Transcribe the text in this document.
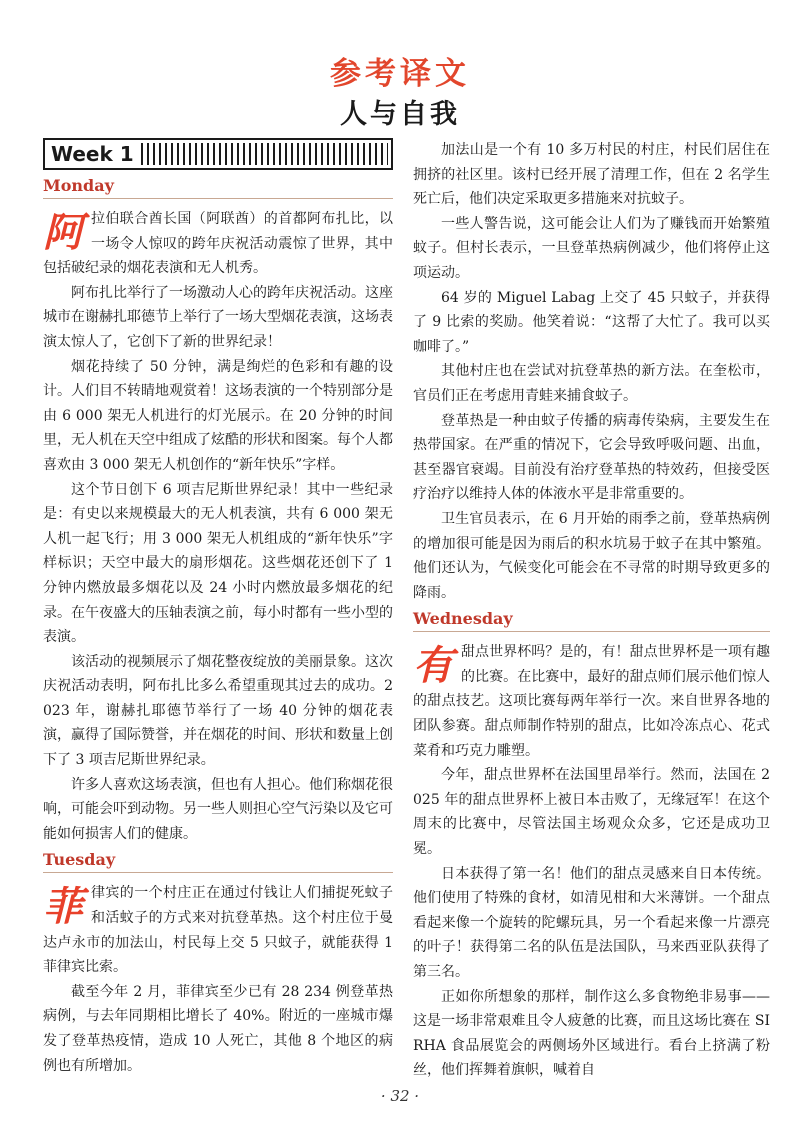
参考译文
人与自我
Week 1
Monday

阿拉伯联合酋长国（阿联酋）的首都阿布扎比，以一场令人惊叹的跨年庆祝活动震惊了世界，其中包括破纪录的烟花表演和无人机秀。

阿布扎比举行了一场激动人心的跨年庆祝活动。这座城市在谢赫扎耶德节上举行了一场大型烟花表演，这场表演太惊人了，它创下了新的世界纪录！

烟花持续了 50 分钟，满是绚烂的色彩和有趣的设计。人们目不转睛地观赏着！这场表演的一个特别部分是由 6 000 架无人机进行的灯光展示。在 20 分钟的时间里，无人机在天空中组成了炫酷的形状和图案。每个人都喜欢由 3 000 架无人机创作的“新年快乐”字样。

这个节日创下 6 项吉尼斯世界纪录！其中一些纪录是：有史以来规模最大的无人机表演，共有 6 000 架无人机一起飞行；用 3 000 架无人机组成的“新年快乐”字样标识；天空中最大的扇形烟花。这些烟花还创下了 1 分钟内燃放最多烟花以及 24 小时内燃放最多烟花的纪录。在午夜盛大的压轴表演之前，每小时都有一些小型的表演。

该活动的视频展示了烟花整夜绽放的美丽景象。这次庆祝活动表明，阿布扎比多么希望重现其过去的成功。2023 年，谢赫扎耶德节举行了一场 40 分钟的烟花表演，赢得了国际赞誉，并在烟花的时间、形状和数量上创下了 3 项吉尼斯世界纪录。

许多人喜欢这场表演，但也有人担心。他们称烟花很响，可能会吓到动物。另一些人则担心空气污染以及它可能如何损害人们的健康。

Tuesday

菲律宾的一个村庄正在通过付钱让人们捕捉死蚊子和活蚊子的方式来对抗登革热。这个村庄位于曼达卢永市的加法山，村民每上交 5 只蚊子，就能获得 1 菲律宾比索。

截至今年 2 月，菲律宾至少已有 28 234 例登革热病例，与去年同期相比增长了 40%。附近的一座城市爆发了登革热疫情，造成 10 人死亡，其他 8 个地区的病例也有所增加。

加法山是一个有 10 多万村民的村庄，村民们居住在拥挤的社区里。该村已经开展了清理工作，但在 2 名学生死亡后，他们决定采取更多措施来对抗蚊子。

一些人警告说，这可能会让人们为了赚钱而开始繁殖蚊子。但村长表示，一旦登革热病例减少，他们将停止这项运动。

64 岁的 Miguel Labag 上交了 45 只蚊子，并获得了 9 比索的奖励。他笑着说：“这帮了大忙了。我可以买咖啡了。”

其他村庄也在尝试对抗登革热的新方法。在奎松市，官员们正在考虑用青蛙来捕食蚊子。

登革热是一种由蚊子传播的病毒传染病，主要发生在热带国家。在严重的情况下，它会导致呼吸问题、出血，甚至器官衰竭。目前没有治疗登革热的特效药，但接受医疗治疗以维持人体的体液水平是非常重要的。

卫生官员表示，在 6 月开始的雨季之前，登革热病例的增加很可能是因为雨后的积水坑易于蚊子在其中繁殖。他们还认为，气候变化可能会在不寻常的时期导致更多的降雨。

Wednesday

有甜点世界杯吗？是的，有！甜点世界杯是一项有趣的比赛。在比赛中，最好的甜点师们展示他们惊人的甜点技艺。这项比赛每两年举行一次。来自世界各地的团队参赛。甜点师制作特别的甜点，比如冷冻点心、花式菜肴和巧克力雕塑。

今年，甜点世界杯在法国里昂举行。然而，法国在 2025 年的甜点世界杯上被日本击败了，无缘冠军！在这个周末的比赛中，尽管法国主场观众众多，它还是成功卫冕。

日本获得了第一名！他们的甜点灵感来自日本传统。他们使用了特殊的食材，如清见柑和大米薄饼。一个甜点看起来像一个旋转的陀螺玩具，另一个看起来像一片漂亮的叶子！获得第二名的队伍是法国队，马来西亚队获得了第三名。

正如你所想象的那样，制作这么多食物绝非易事——这是一场非常艰难且令人疲惫的比赛，而且这场比赛在 SIRHA 食品展览会的两侧场外区域进行。看台上挤满了粉丝，他们挥舞着旗帜，喊着自

· 32 ·
